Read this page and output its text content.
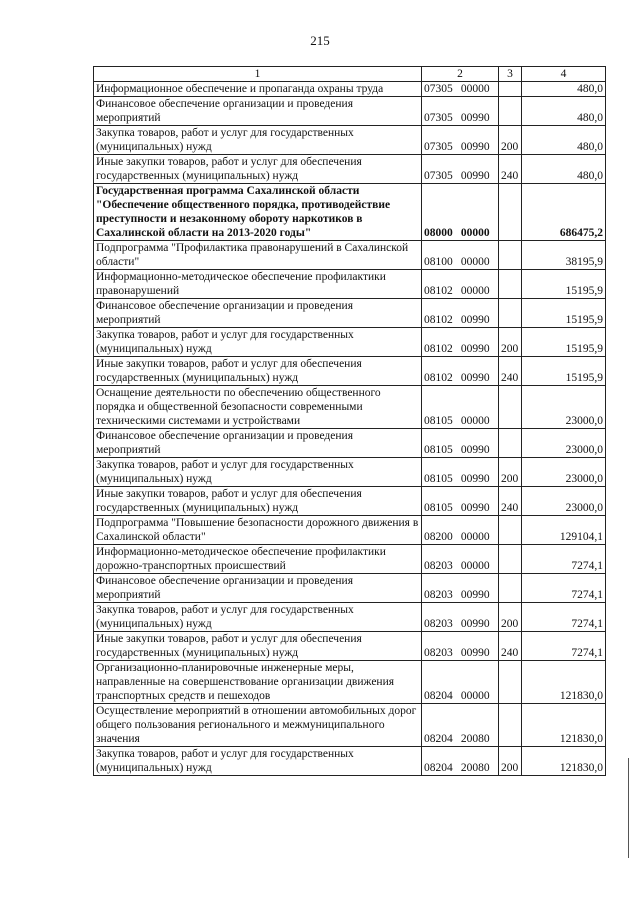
215
1	2	3	4
Информационное обеспечение и пропаганда охраны труда	07305 00000		480,0
Финансовое обеспечение организации и проведения мероприятий	07305 00990		480,0
Закупка товаров, работ и услуг для государственных (муниципальных) нужд	07305 00990	200	480,0
Иные закупки товаров, работ и услуг для обеспечения государственных (муниципальных) нужд	07305 00990	240	480,0
Государственная программа Сахалинской области "Обеспечение общественного порядка, противодействие преступности и незаконному обороту наркотиков в Сахалинской области на 2013-2020 годы"	08000 00000		686475,2
Подпрограмма "Профилактика правонарушений в Сахалинской области"	08100 00000		38195,9
Информационно-методическое обеспечение профилактики правонарушений	08102 00000		15195,9
Финансовое обеспечение организации и проведения мероприятий	08102 00990		15195,9
Закупка товаров, работ и услуг для государственных (муниципальных) нужд	08102 00990	200	15195,9
Иные закупки товаров, работ и услуг для обеспечения государственных (муниципальных) нужд	08102 00990	240	15195,9
Оснащение деятельности по обеспечению общественного порядка и общественной безопасности современными техническими системами и устройствами	08105 00000		23000,0
Финансовое обеспечение организации и проведения мероприятий	08105 00990		23000,0
Закупка товаров, работ и услуг для государственных (муниципальных) нужд	08105 00990	200	23000,0
Иные закупки товаров, работ и услуг для обеспечения государственных (муниципальных) нужд	08105 00990	240	23000,0
Подпрограмма "Повышение безопасности дорожного движения в Сахалинской области"	08200 00000		129104,1
Информационно-методическое обеспечение профилактики дорожно-транспортных происшествий	08203 00000		7274,1
Финансовое обеспечение организации и проведения мероприятий	08203 00990		7274,1
Закупка товаров, работ и услуг для государственных (муниципальных) нужд	08203 00990	200	7274,1
Иные закупки товаров, работ и услуг для обеспечения государственных (муниципальных) нужд	08203 00990	240	7274,1
Организационно-планировочные инженерные меры, направленные на совершенствование организации движения транспортных средств и пешеходов	08204 00000		121830,0
Осуществление мероприятий в отношении автомобильных дорог общего пользования регионального и межмуниципального значения	08204 20080		121830,0
Закупка товаров, работ и услуг для государственных (муниципальных) нужд	08204 20080	200	121830,0
